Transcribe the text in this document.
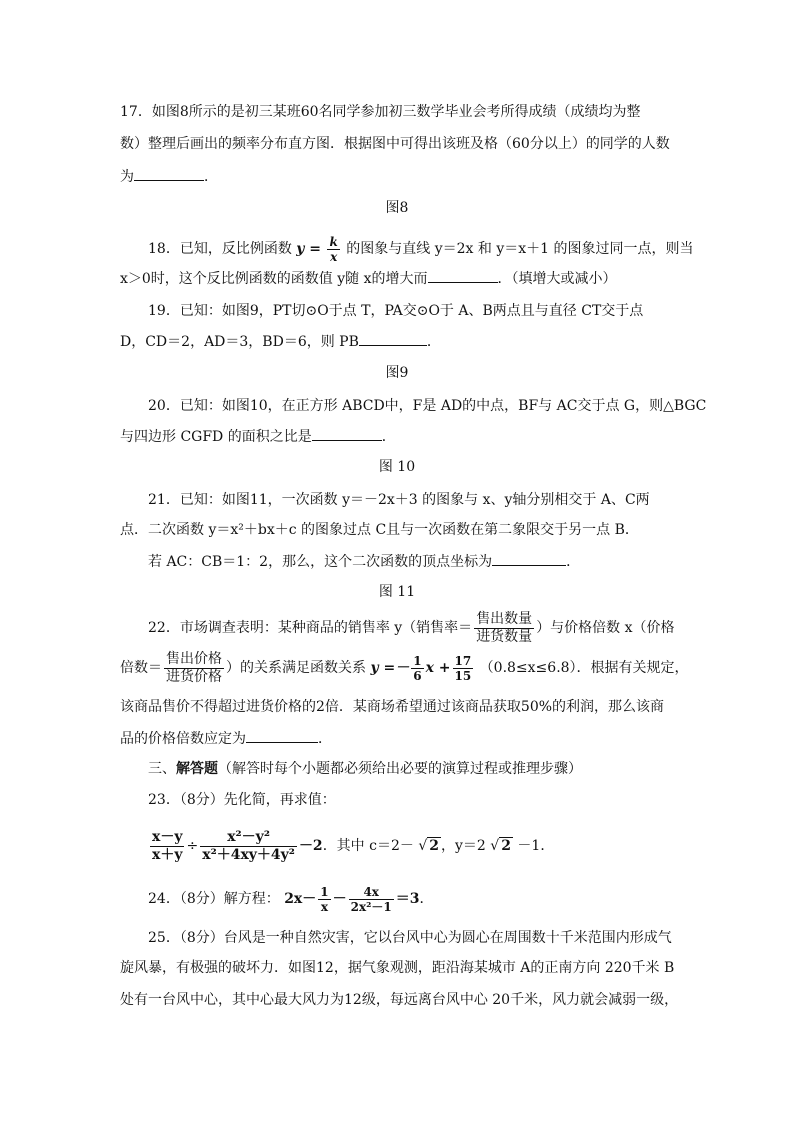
17．如图8所示的是初三某班60名同学参加初三数学毕业会考所得成绩（成绩均为整
数）整理后画出的频率分布直方图．根据图中可得出该班及格（60分以上）的同学的人数
为	．
图8
18．已知，反比例函数 $y = \frac{k}{x}$ 的图象与直线 y＝2x 和 y＝x＋1 的图象过同一点，则当
x＞0时，这个反比例函数的函数值 y随 x的增大而	．（填增大或减小）
19．已知：如图9，PT切⊙O于点 T，PA交⊙O于 A、B两点且与直径 CT交于点
D，CD＝2，AD＝3，BD＝6，则 PB	．
图9
20．已知：如图10，在正方形 ABCD中，F是 AD的中点，BF与 AC交于点 G，则△BGC
与四边形 CGFD 的面积之比是	．
图 10
21．已知：如图11，一次函数 y＝－2x＋3 的图象与 x、y轴分别相交于 A、C两
点．二次函数 y＝x²＋bx＋c 的图象过点 C且与一次函数在第二象限交于另一点 B．
若 AC：CB＝1：2，那么，这个二次函数的顶点坐标为	．
图 11
22．市场调查表明：某种商品的销售率 y（销售率＝ $\frac{\text{售出数量}}{\text{进货数量}}$ ）与价格倍数 x（价格
倍数＝ $\frac{\text{售出价格}}{\text{进货价格}}$ ）的关系满足函数关系 $y =- \frac{1}{6}$ $x + \frac{17}{15} (0.8\le x\le 6.8)$．根据有关规定，
该商品售价不得超过进货价格的2倍．某商场希望通过该商品获取50%的利润，那么该商
品的价格倍数应定为	．
三、解答题（解答时每个小题都必须给出必要的演算过程或推理步骤）
23．（8分）先化简，再求值：
$\frac{x-y}{x+y} \div \frac{\text{x²－y²}}{\text{x²＋4xy＋4y²}} -2$．其中 c＝2－ √ 2 ，y＝2 √ 2 －1．
24．（8分）解方程： $2x- \frac{1}{x} - \frac{4x}{\text{2x²－1}} =3$．
25．（8分）台风是一种自然灾害，它以台风中心为圆心在周围数十千米范围内形成气
旋风暴，有极强的破坏力．如图12，据气象观测，距沿海某城市 A的正南方向 220千米 B
处有一台风中心，其中心最大风力为12级，每远离台风中心 20千米，风力就会减弱一级，
